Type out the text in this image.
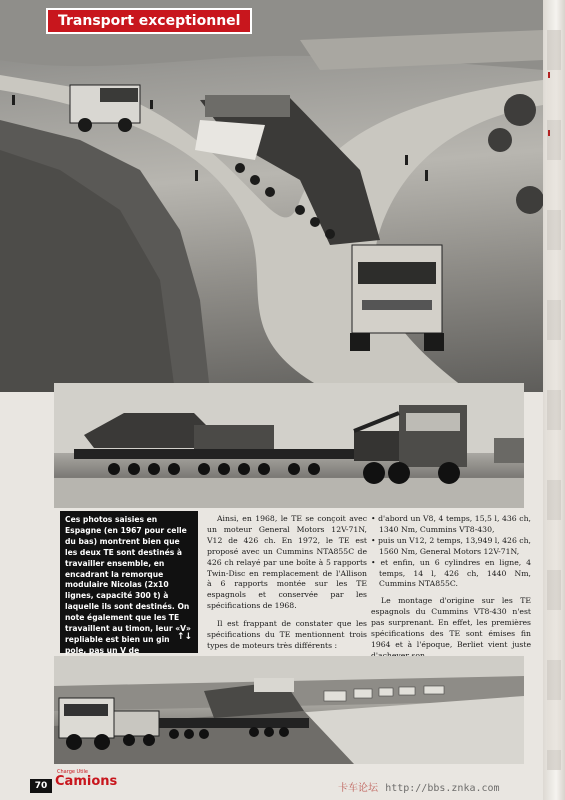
Transport exceptionnel
Ces photos saisies en Espagne (en 1967 pour celle du bas) montrent bien que les deux TE sont destinés à travailler ensemble, en encadrant la remorque modulaire Nicolas (2x10 lignes, capacité 300 t) à laquelle ils sont destinés. On note également que les TE travaillent au timon, leur «V» repliable est bien un gin pole, pas un V de
↑↓

Ainsi, en 1968, le TE se conçoit avec un moteur General Motors 12V-71N, V12 de 426 ch. En 1972, le TE est proposé avec un Cummins NTA855C de 426 ch relayé par une boîte à 5 rapports Twin-Disc en remplacement de l'Allison à 6 rapports montée sur les TE espagnols et conservée par les spécifications de 1968.

Il est frappant de constater que les spécifications du TE mentionnent trois types de moteurs très différents :

• d'abord un V8, 4 temps, 15,5 l, 436 ch, 1340 Nm, Cummins VT8-430,
• puis un V12, 2 temps, 13,949 l, 426 ch, 1560 Nm, General Motors 12V-71N,
• et enfin, un 6 cylindres en ligne, 4 temps, 14 l, 426 ch, 1440 Nm, Cummins NTA855C.

Le montage d'origine sur les TE espagnols du Cummins VT8-430 n'est pas surprenant. En effet, les premières spécifications des TE sont émises fin 1964 et à l'époque, Berliet vient juste

70
Charge Utile
Camions	卡车论坛 http://bbs.znka.com
